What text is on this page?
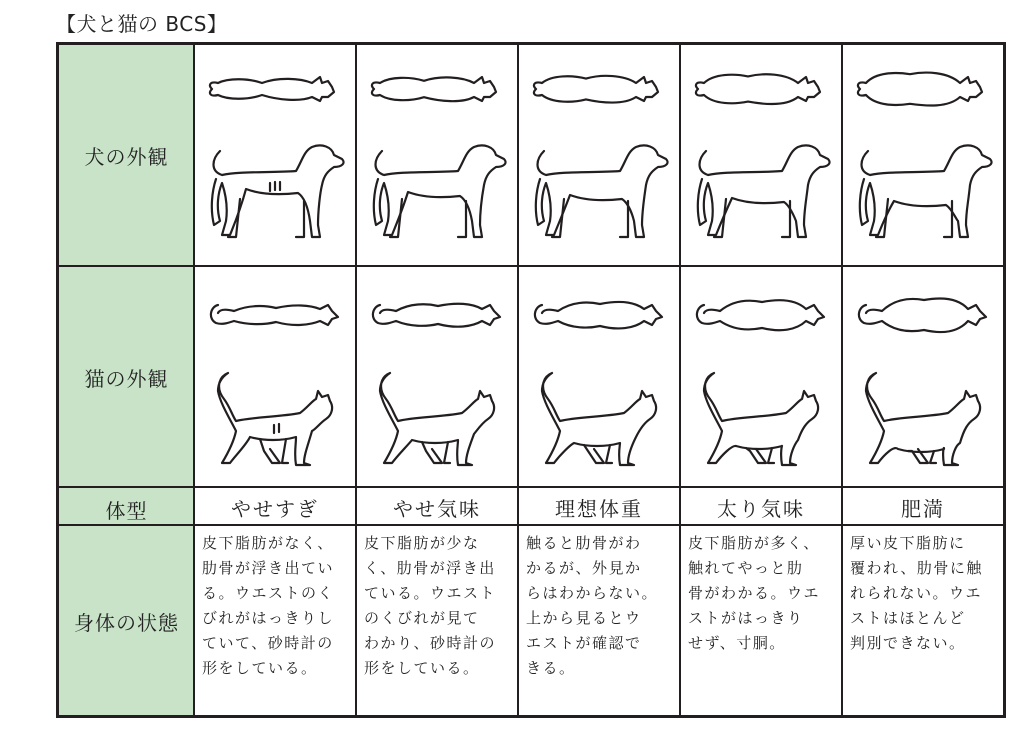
【犬と猫の BCS】
犬の外観
猫の外観
体型
身体の状態
やせすぎ
皮下脂肪がなく、
肋骨が浮き出てい
る。ウエストのく
びれがはっきりし
ていて、砂時計の
形をしている。
やせ気味
皮下脂肪が少な
く、肋骨が浮き出
ている。ウエスト
のくびれが見て
わかり、砂時計の
形をしている。
理想体重
触ると肋骨がわ
かるが、外見か
らはわからない。
上から見るとウ
エストが確認で
きる。
太り気味
皮下脂肪が多く、
触れてやっと肋
骨がわかる。ウエ
ストがはっきり
せず、寸胴。
肥満
厚い皮下脂肪に
覆われ、肋骨に触
れられない。ウエ
ストはほとんど
判別できない。
